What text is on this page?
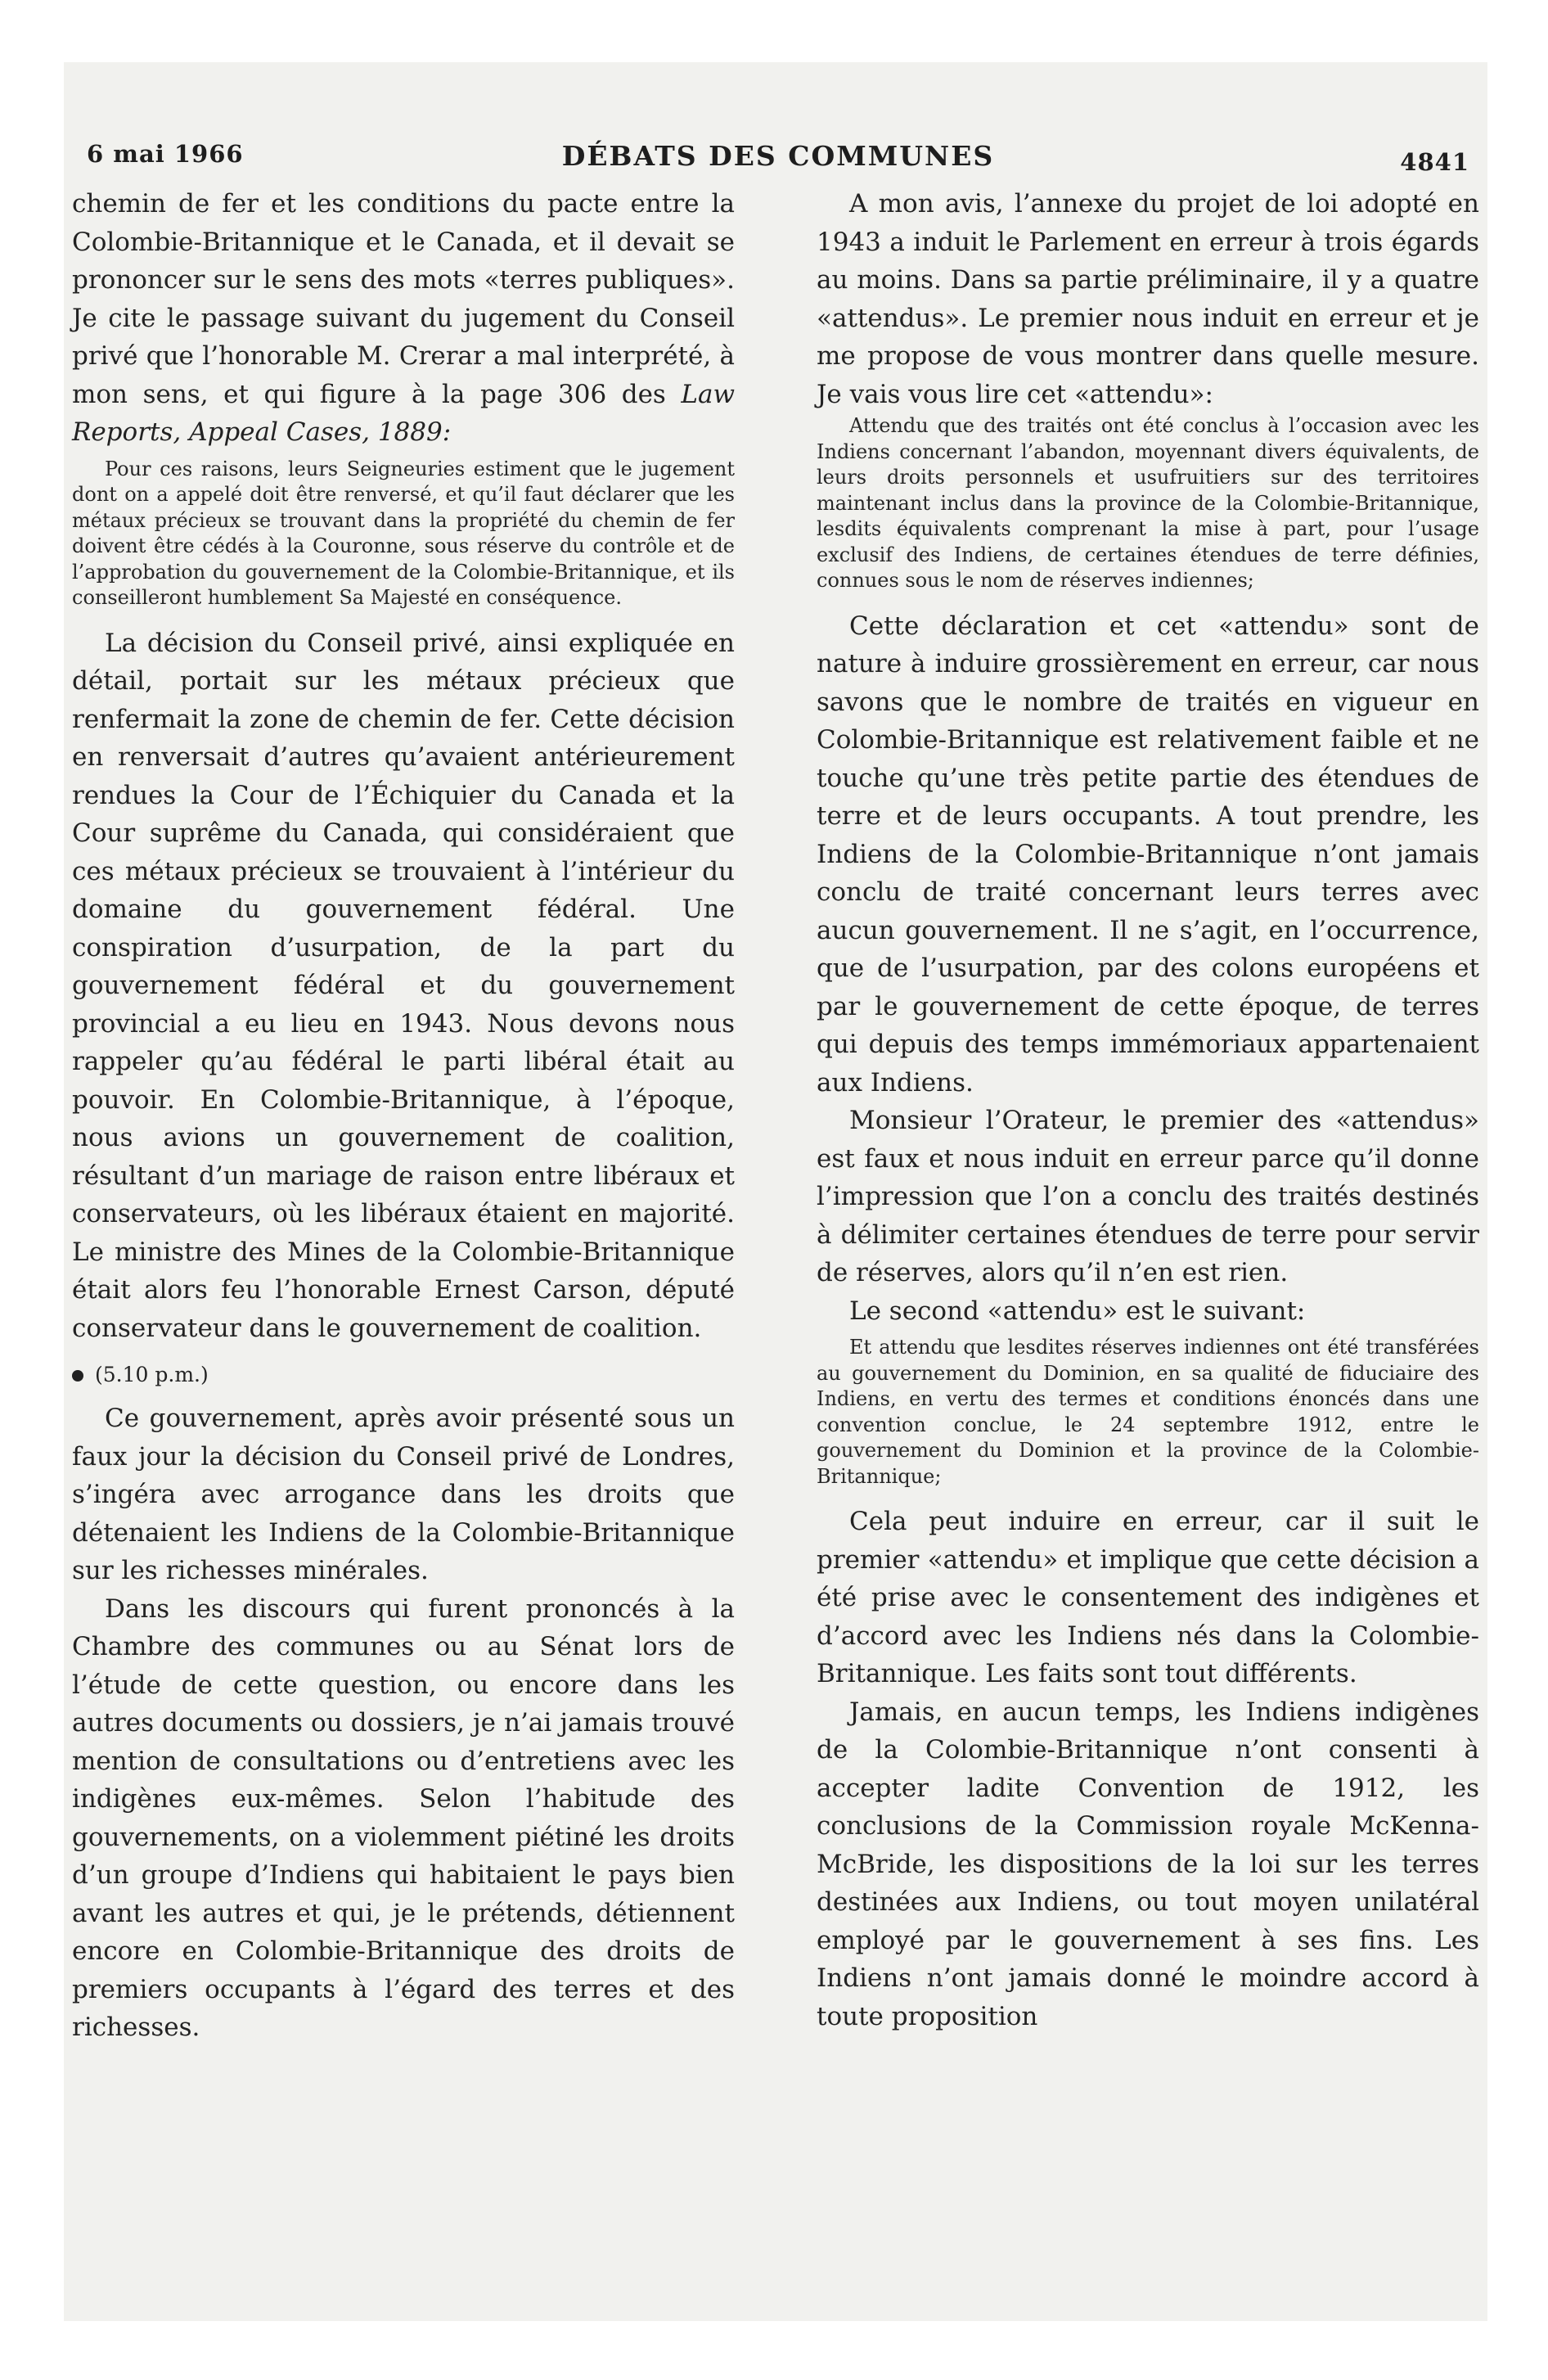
6 mai 1966	DÉBATS DES COMMUNES	4841

chemin de fer et les conditions du pacte entre la Colombie-Britannique et le Canada, et il devait se prononcer sur le sens des mots «terres publiques». Je cite le passage suivant du jugement du Conseil privé que l’honorable M. Crerar a mal interprété, à mon sens, et qui figure à la page 306 des Law Reports, Appeal Cases, 1889:

Pour ces raisons, leurs Seigneuries estiment que le jugement dont on a appelé doit être renversé, et qu’il faut déclarer que les métaux précieux se trouvant dans la propriété du chemin de fer doivent être cédés à la Couronne, sous réserve du contrôle et de l’approbation du gouvernement de la Colombie-Britannique, et ils conseilleront humblement Sa Majesté en conséquence.

La décision du Conseil privé, ainsi expliquée en détail, portait sur les métaux précieux que renfermait la zone de chemin de fer. Cette décision en renversait d’autres qu’avaient antérieurement rendues la Cour de l’Échiquier du Canada et la Cour suprême du Canada, qui considéraient que ces métaux précieux se trouvaient à l’intérieur du domaine du gouvernement fédéral. Une conspiration d’usurpation, de la part du gouvernement fédéral et du gouvernement provincial a eu lieu en 1943. Nous devons nous rappeler qu’au fédéral le parti libéral était au pouvoir. En Colombie-Britannique, à l’époque, nous avions un gouvernement de coalition, résultant d’un mariage de raison entre libéraux et conservateurs, où les libéraux étaient en majorité. Le ministre des Mines de la Colombie-Britannique était alors feu l’honorable Ernest Carson, député conservateur dans le gouvernement de coalition.

(5.10 p.m.)

Ce gouvernement, après avoir présenté sous un faux jour la décision du Conseil privé de Londres, s’ingéra avec arrogance dans les droits que détenaient les Indiens de la Colombie-Britannique sur les richesses minérales.

Dans les discours qui furent prononcés à la Chambre des communes ou au Sénat lors de l’étude de cette question, ou encore dans les autres documents ou dossiers, je n’ai jamais trouvé mention de consultations ou d’entretiens avec les indigènes eux-mêmes. Selon l’habitude des gouvernements, on a violemment piétiné les droits d’un groupe d’Indiens qui habitaient le pays bien avant les autres et qui, je le prétends, détiennent encore en Colombie-Britannique des droits de premiers occupants à l’égard des terres et des richesses.

A mon avis, l’annexe du projet de loi adopté en 1943 a induit le Parlement en erreur à trois égards au moins. Dans sa partie préliminaire, il y a quatre «attendus». Le premier nous induit en erreur et je me propose de vous montrer dans quelle mesure. Je vais vous lire cet «attendu»:

Attendu que des traités ont été conclus à l’occasion avec les Indiens concernant l’abandon, moyennant divers équivalents, de leurs droits personnels et usufruitiers sur des territoires maintenant inclus dans la province de la Colombie-Britannique, lesdits équivalents comprenant la mise à part, pour l’usage exclusif des Indiens, de certaines étendues de terre définies, connues sous le nom de réserves indiennes;

Cette déclaration et cet «attendu» sont de nature à induire grossièrement en erreur, car nous savons que le nombre de traités en vigueur en Colombie-Britannique est relativement faible et ne touche qu’une très petite partie des étendues de terre et de leurs occupants. A tout prendre, les Indiens de la Colombie-Britannique n’ont jamais conclu de traité concernant leurs terres avec aucun gouvernement. Il ne s’agit, en l’occurrence, que de l’usurpation, par des colons européens et par le gouvernement de cette époque, de terres qui depuis des temps immémoriaux appartenaient aux Indiens.

Monsieur l’Orateur, le premier des «attendus» est faux et nous induit en erreur parce qu’il donne l’impression que l’on a conclu des traités destinés à délimiter certaines étendues de terre pour servir de réserves, alors qu’il n’en est rien.

Le second «attendu» est le suivant:

Et attendu que lesdites réserves indiennes ont été transférées au gouvernement du Dominion, en sa qualité de fiduciaire des Indiens, en vertu des termes et conditions énoncés dans une convention conclue, le 24 septembre 1912, entre le gouvernement du Dominion et la province de la Colombie-Britannique;

Cela peut induire en erreur, car il suit le premier «attendu» et implique que cette décision a été prise avec le consentement des indigènes et d’accord avec les Indiens nés dans la Colombie-Britannique. Les faits sont tout différents.

Jamais, en aucun temps, les Indiens indigènes de la Colombie-Britannique n’ont consenti à accepter ladite Convention de 1912, les conclusions de la Commission royale McKenna-McBride, les dispositions de la loi sur les terres destinées aux Indiens, ou tout moyen unilatéral employé par le gouvernement à ses fins. Les Indiens n’ont jamais donné le moindre accord à toute proposition
